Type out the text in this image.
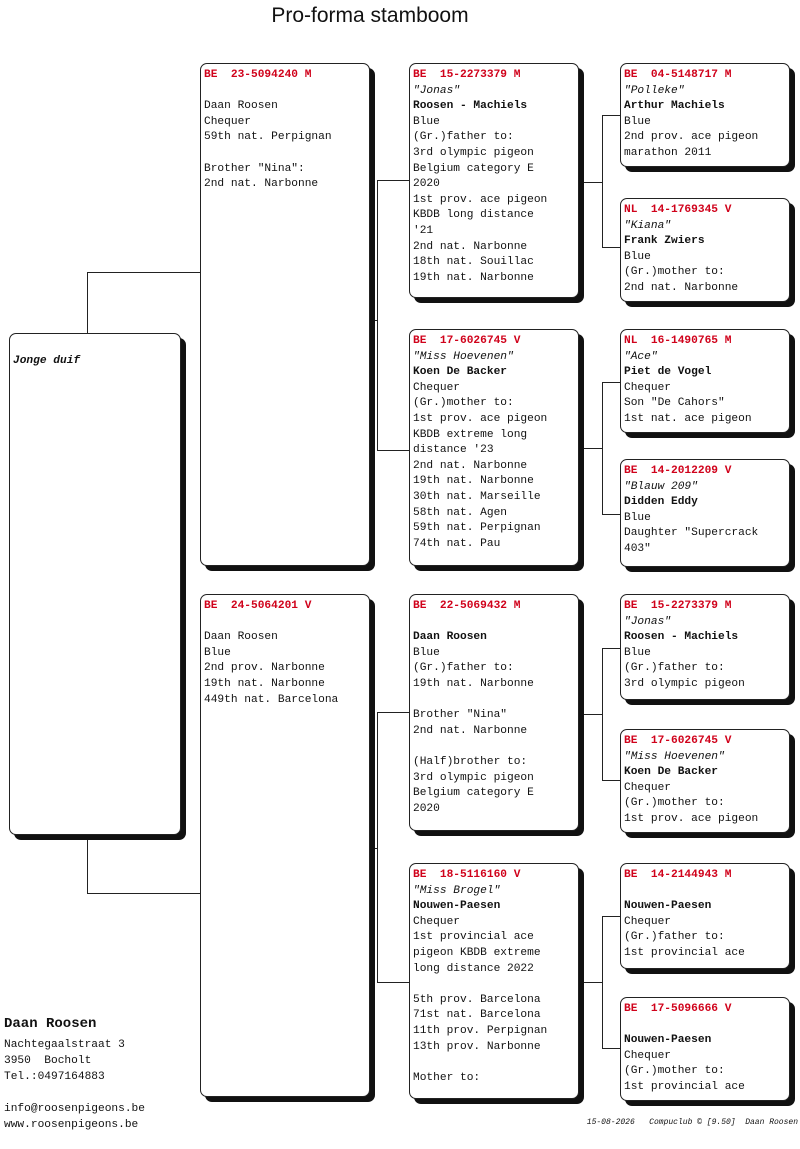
Pro-forma stamboom
Jonge duif
BE  23-5094240 M
Daan Roosen
Chequer
59th nat. Perpignan
Brother "Nina":
2nd nat. Narbonne
BE  24-5064201 V
Daan Roosen
Blue
2nd prov. Narbonne
19th nat. Narbonne
449th nat. Barcelona
BE  15-2273379 M
"Jonas"
Roosen - Machiels
Blue
(Gr.)father to:
3rd olympic pigeon
Belgium category E
2020
1st prov. ace pigeon
KBDB long distance
'21
2nd nat. Narbonne
18th nat. Souillac
19th nat. Narbonne
BE  17-6026745 V
"Miss Hoevenen"
Koen De Backer
Chequer
(Gr.)mother to:
1st prov. ace pigeon
KBDB extreme long
distance '23
2nd nat. Narbonne
19th nat. Narbonne
30th nat. Marseille
58th nat. Agen
59th nat. Perpignan
74th nat. Pau
BE  22-5069432 M
Daan Roosen
Blue
(Gr.)father to:
19th nat. Narbonne
Brother "Nina"
2nd nat. Narbonne
(Half)brother to:
3rd olympic pigeon
Belgium category E
2020
BE  18-5116160 V
"Miss Brogel"
Nouwen-Paesen
Chequer
1st provincial ace
pigeon KBDB extreme
long distance 2022
5th prov. Barcelona
71st nat. Barcelona
11th prov. Perpignan
13th prov. Narbonne
Mother to:
BE  04-5148717 M
"Polleke"
Arthur Machiels
Blue
2nd prov. ace pigeon
marathon 2011
NL  14-1769345 V
"Kiana"
Frank Zwiers
Blue
(Gr.)mother to:
2nd nat. Narbonne
NL  16-1490765 M
"Ace"
Piet de Vogel
Chequer
Son "De Cahors"
1st nat. ace pigeon
BE  14-2012209 V
"Blauw 209"
Didden Eddy
Blue
Daughter "Supercrack
403"
BE  15-2273379 M
"Jonas"
Roosen - Machiels
Blue
(Gr.)father to:
3rd olympic pigeon
BE  17-6026745 V
"Miss Hoevenen"
Koen De Backer
Chequer
(Gr.)mother to:
1st prov. ace pigeon
BE  14-2144943 M
Nouwen-Paesen
Chequer
(Gr.)father to:
1st provincial ace
BE  17-5096666 V
Nouwen-Paesen
Chequer
(Gr.)mother to:
1st provincial ace
Daan Roosen
Nachtegaalstraat 3
3950  Bocholt
Tel.:0497164883
info@roosenpigeons.be
www.roosenpigeons.be	15-08-2026   Compuclub © [9.50]  Daan Roosen
